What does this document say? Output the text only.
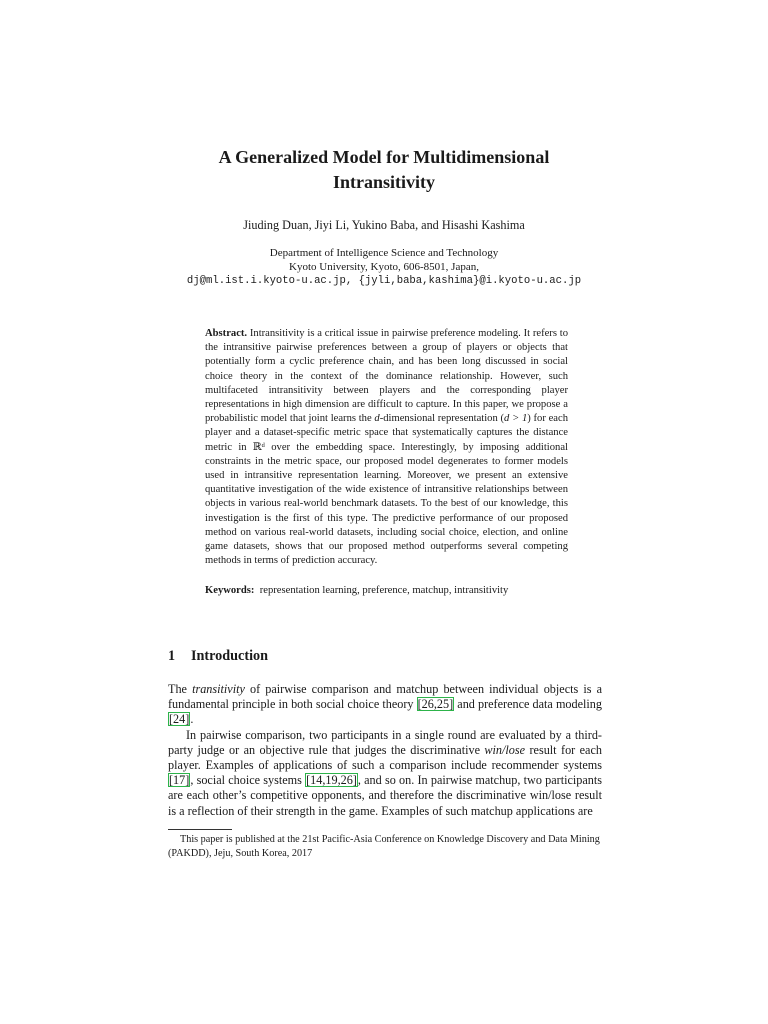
A Generalized Model for Multidimensional
Intransitivity
Jiuding Duan, Jiyi Li, Yukino Baba, and Hisashi Kashima
Department of Intelligence Science and Technology
Kyoto University, Kyoto, 606-8501, Japan,
dj@ml.ist.i.kyoto-u.ac.jp, {jyli,baba,kashima}@i.kyoto-u.ac.jp
Abstract. Intransitivity is a critical issue in pairwise preference modeling. It refers to the intransitive pairwise preferences between a group of players or objects that potentially form a cyclic preference chain, and has been long discussed in social choice theory in the context of the dominance relationship. However, such multifaceted intransitivity between players and the corresponding player representations in high dimension are difficult to capture. In this paper, we propose a probabilistic model that joint learns the d-dimensional representation (d > 1) for each player and a dataset-specific metric space that systematically captures the distance metric in ℝᵈ over the embedding space. Interestingly, by imposing additional constraints in the metric space, our proposed model degenerates to former models used in intransitive representation learning. Moreover, we present an extensive quantitative investigation of the wide existence of intransitive relationships between objects in various real-world benchmark datasets. To the best of our knowledge, this investigation is the first of this type. The predictive performance of our proposed method on various real-world datasets, including social choice, election, and online game datasets, shows that our proposed method outperforms several competing methods in terms of prediction accuracy.
Keywords: representation learning, preference, matchup, intransitivity
1 Introduction

The transitivity of pairwise comparison and matchup between individual objects is a fundamental principle in both social choice theory [26,25] and preference data modeling [24].

In pairwise comparison, two participants in a single round are evaluated by a third-party judge or an objective rule that judges the discriminative win/lose result for each player. Examples of applications of such a comparison include recommender systems [17], social choice systems [14,19,26], and so on. In pairwise matchup, two participants are each other’s competitive opponents, and therefore the discriminative win/lose result is a reflection of their strength in the game. Examples of such matchup applications are

This paper is published at the 21st Pacific-Asia Conference on Knowledge Discovery and Data Mining (PAKDD), Jeju, South Korea, 2017
